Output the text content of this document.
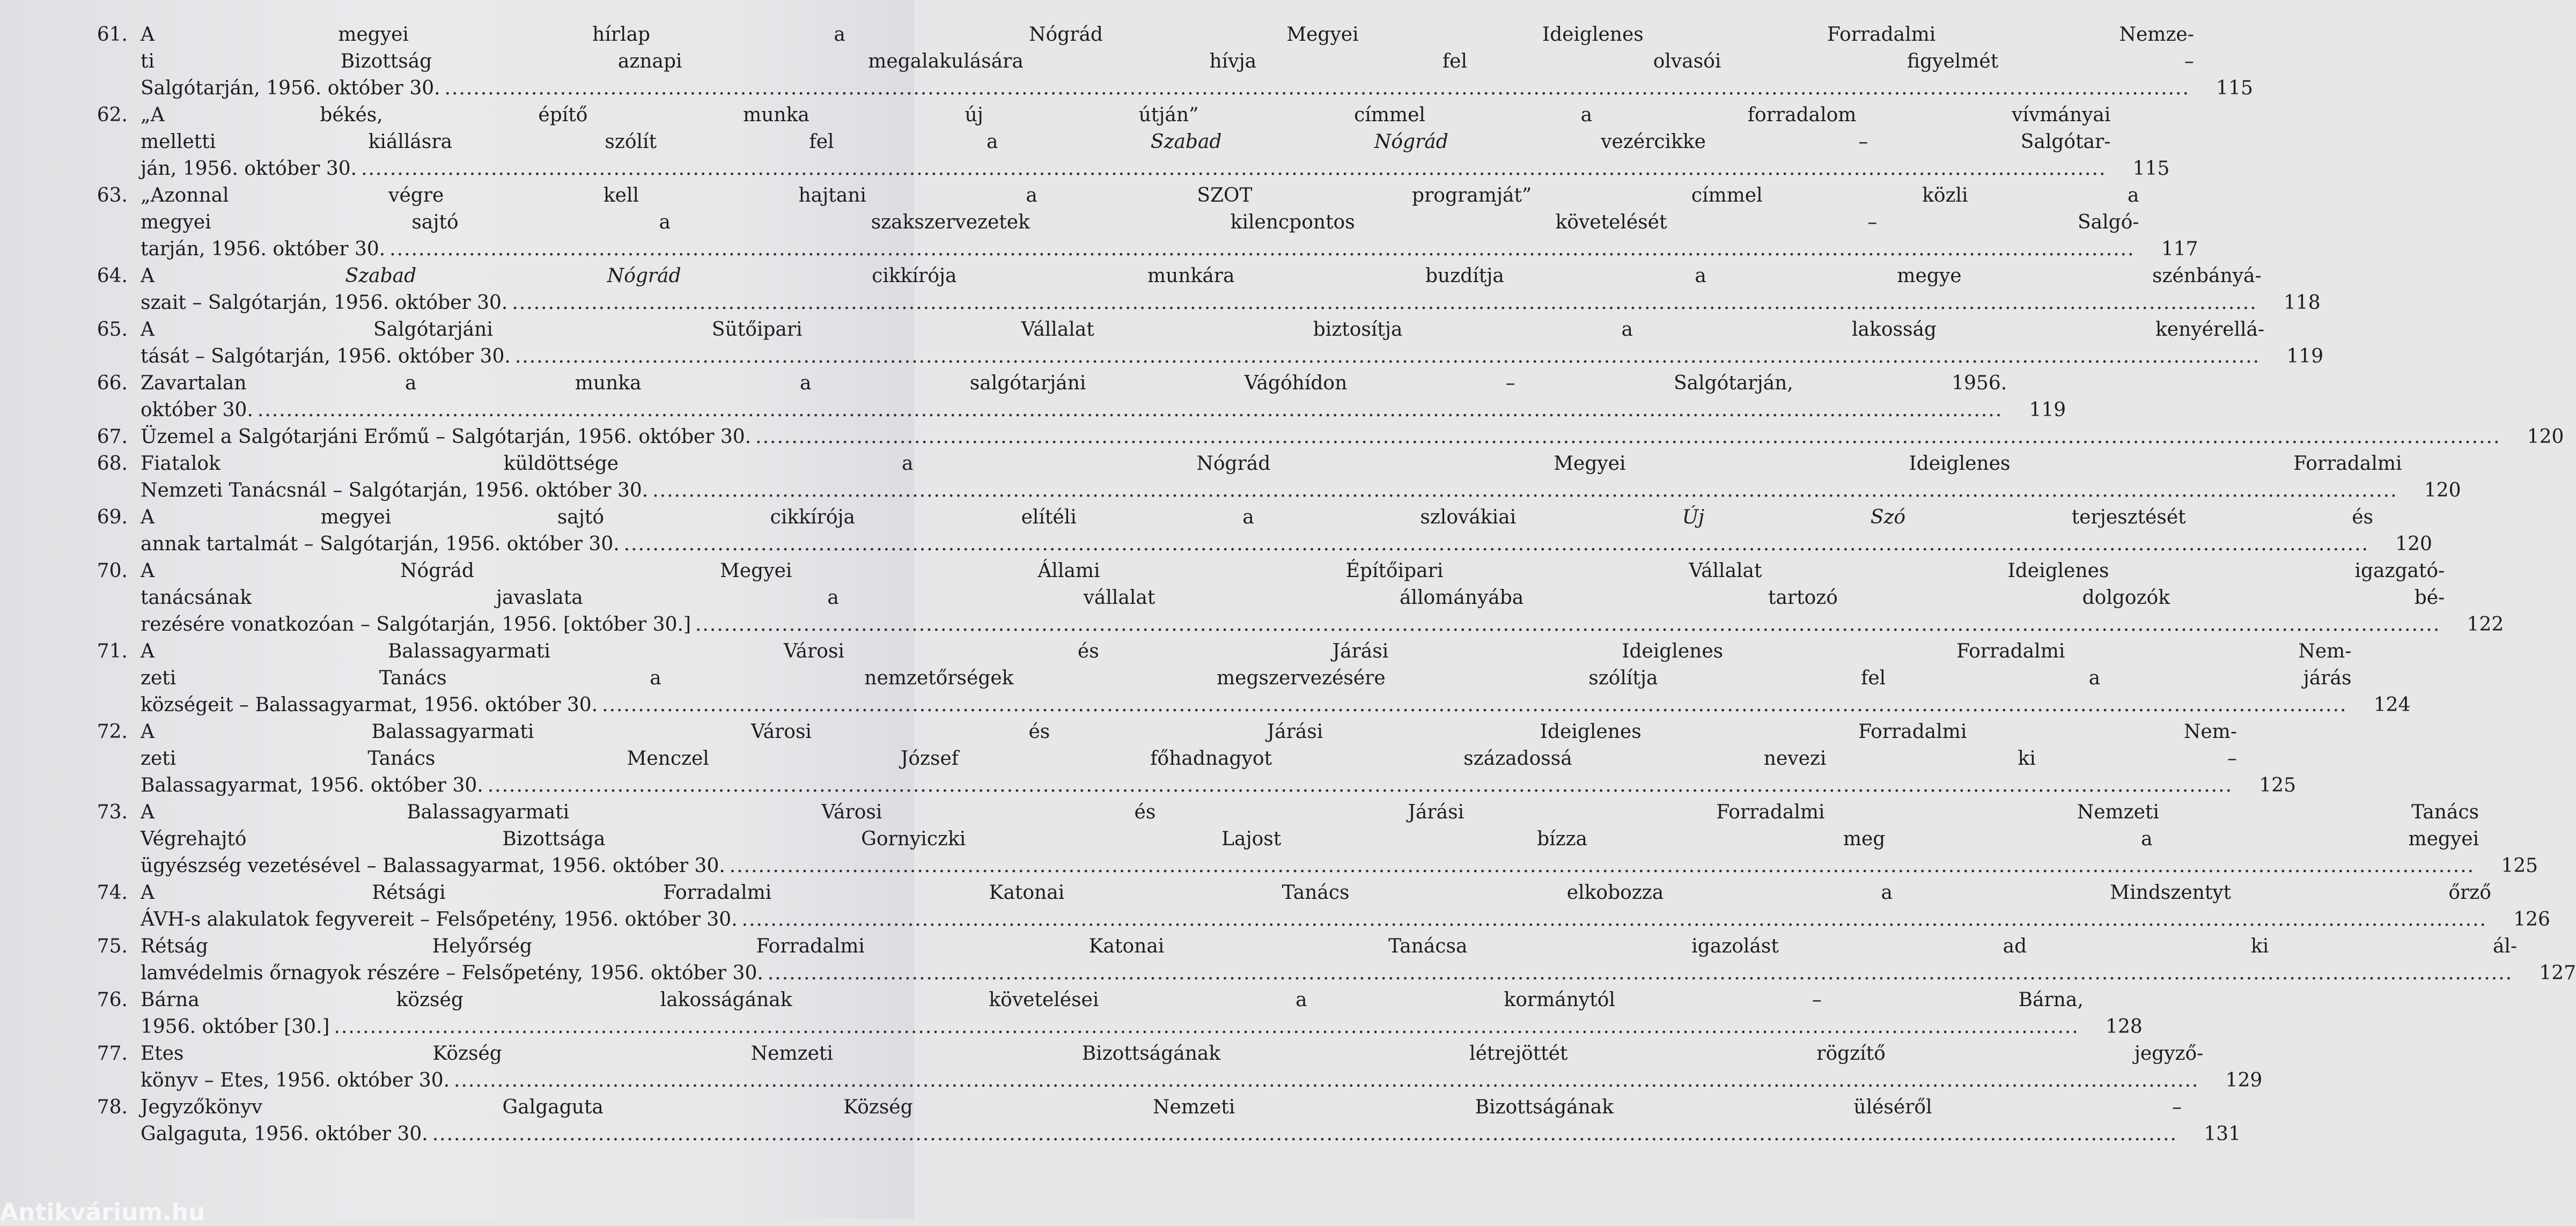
61. A megyei hírlap a Nógrád Megyei Ideiglenes Forradalmi Nemze-
ti Bizottság aznapi megalakulására hívja fel olvasói figyelmét –
Salgótarján, 1956. október 30. .....	115
62. „A békés, építő munka új útján” címmel a forradalom vívmányai
melletti kiállásra szólít fel a Szabad Nógrád vezércikke – Salgótar-
ján, 1956. október 30. .....	115
63. „Azonnal végre kell hajtani a SZOT programját” címmel közli a
megyei sajtó a szakszervezetek kilencpontos követelését – Salgó-
tarján, 1956. október 30. .....	117
64. A Szabad Nógrád cikkírója munkára buzdítja a megye szénbányá-
szait – Salgótarján, 1956. október 30. .....	118
65. A Salgótarjáni Sütőipari Vállalat biztosítja a lakosság kenyérellá-
tását – Salgótarján, 1956. október 30. .....	119
66. Zavartalan a munka a salgótarjáni Vágóhídon – Salgótarján, 1956.
október 30. .....	119
67. Üzemel a Salgótarjáni Erőmű – Salgótarján, 1956. október 30. .....	120
68. Fiatalok küldöttsége a Nógrád Megyei Ideiglenes Forradalmi
Nemzeti Tanácsnál – Salgótarján, 1956. október 30. .....	120
69. A megyei sajtó cikkírója elítéli a szlovákiai Új Szó terjesztését és
annak tartalmát – Salgótarján, 1956. október 30. .....	120
70. A Nógrád Megyei Állami Építőipari Vállalat Ideiglenes igazgató-
tanácsának javaslata a vállalat állományába tartozó dolgozók bé-
rezésére vonatkozóan – Salgótarján, 1956. [október 30.] .....	122
71. A Balassagyarmati Városi és Járási Ideiglenes Forradalmi Nem-
zeti Tanács a nemzetőrségek megszervezésére szólítja fel a járás
községeit – Balassagyarmat, 1956. október 30. .....	124
72. A Balassagyarmati Városi és Járási Ideiglenes Forradalmi Nem-
zeti Tanács Menczel József főhadnagyot századossá nevezi ki –
Balassagyarmat, 1956. október 30. .....	125
73. A Balassagyarmati Városi és Járási Forradalmi Nemzeti Tanács
Végrehajtó Bizottsága Gornyiczki Lajost bízza meg a megyei
ügyészség vezetésével – Balassagyarmat, 1956. október 30. .....	125
74. A Rétsági Forradalmi Katonai Tanács elkobozza a Mindszentyt őrző
ÁVH-s alakulatok fegyvereit – Felsőpetény, 1956. október 30. .....	126
75. Rétság Helyőrség Forradalmi Katonai Tanácsa igazolást ad ki ál-
lamvédelmis őrnagyok részére – Felsőpetény, 1956. október 30. .....	127
76. Bárna község lakosságának követelései a kormánytól – Bárna,
1956. október [30.] .....	128
77. Etes Község Nemzeti Bizottságának létrejöttét rögzítő jegyző-
könyv – Etes, 1956. október 30. .....	129
78. Jegyzőkönyv Galgaguta Község Nemzeti Bizottságának üléséről –
Galgaguta, 1956. október 30. .....	131
Antikvárium.hu
